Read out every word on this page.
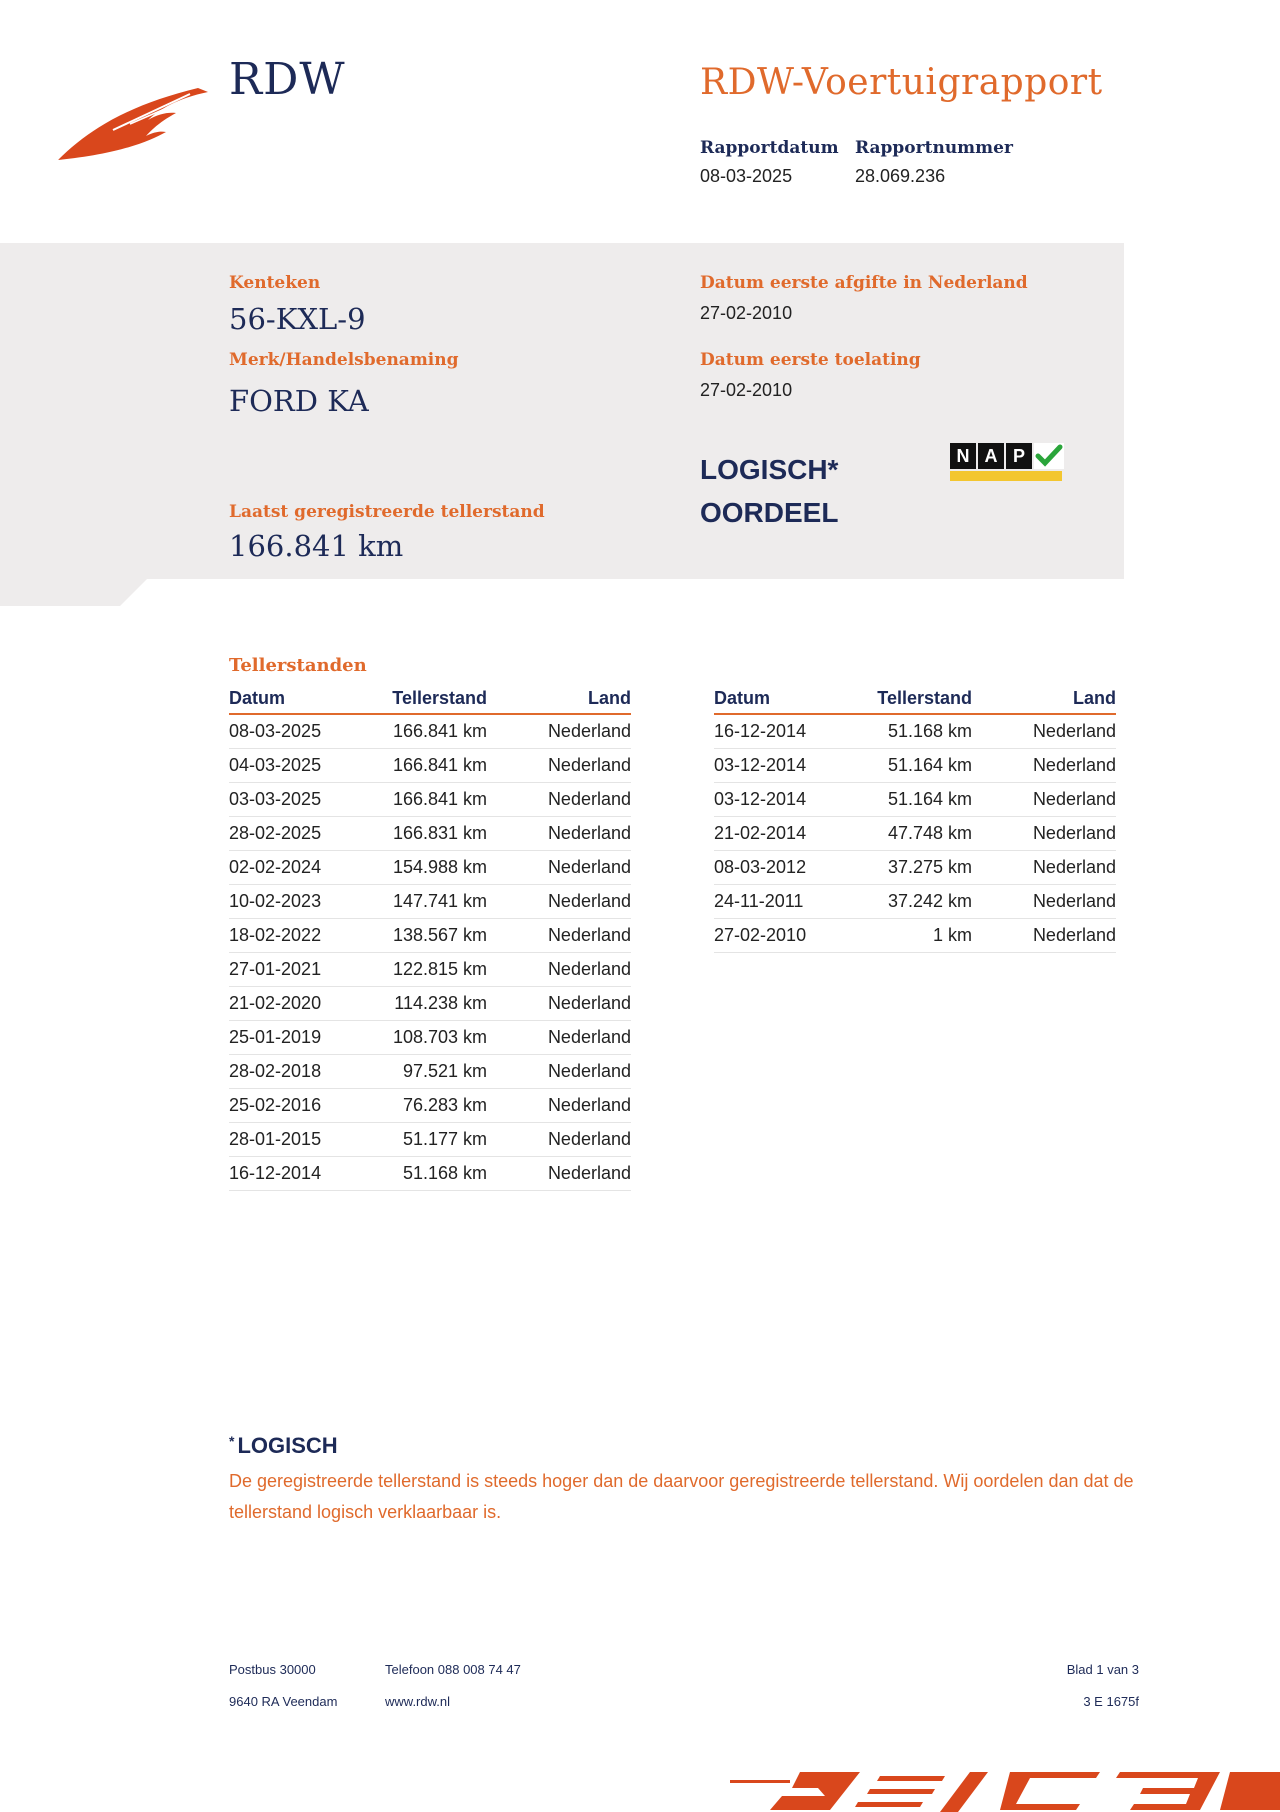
RDW	RDW-Voertuigrapport
Rapportdatum
08-03-2025
Rapportnummer
28.069.236
Kenteken
56-KXL-9
Merk/Handelsbenaming
FORD KA
Datum eerste afgifte in Nederland
27-02-2010
Datum eerste toelating
27-02-2010
Laatst geregistreerde tellerstand
166.841 km
LOGISCH*
OORDEEL
N A P
Tellerstanden
Datum	Tellerstand	Land
08-03-2025	166.841 km	Nederland
04-03-2025	166.841 km	Nederland
03-03-2025	166.841 km	Nederland
28-02-2025	166.831 km	Nederland
02-02-2024	154.988 km	Nederland
10-02-2023	147.741 km	Nederland
18-02-2022	138.567 km	Nederland
27-01-2021	122.815 km	Nederland
21-02-2020	114.238 km	Nederland
25-01-2019	108.703 km	Nederland
28-02-2018	97.521 km	Nederland
25-02-2016	76.283 km	Nederland
28-01-2015	51.177 km	Nederland
16-12-2014	51.168 km	Nederland
Datum	Tellerstand	Land
16-12-2014	51.168 km	Nederland
03-12-2014	51.164 km	Nederland
03-12-2014	51.164 km	Nederland
21-02-2014	47.748 km	Nederland
08-03-2012	37.275 km	Nederland
24-11-2011	37.242 km	Nederland
27-02-2010	1 km	Nederland
* LOGISCH
De geregistreerde tellerstand is steeds hoger dan de daarvoor geregistreerde tellerstand. Wij oordelen dan dat de tellerstand logisch verklaarbaar is.
Postbus 30000
9640 RA Veendam
Telefoon 088 008 74 47
www.rdw.nl
Blad 1 van 3
3 E 1675f
